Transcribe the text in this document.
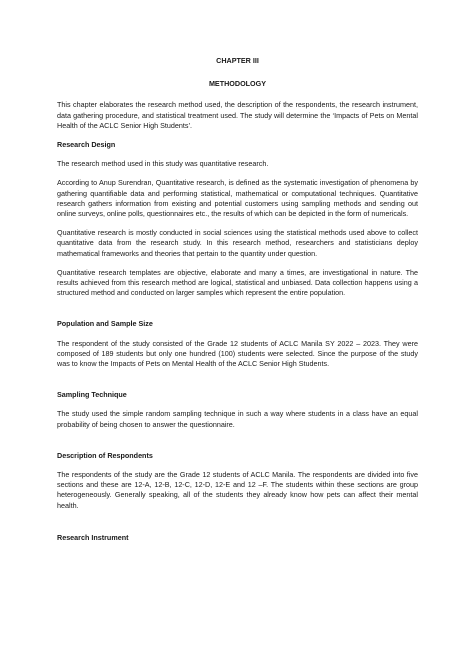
CHAPTER III
METHODOLOGY

This chapter elaborates the research method used, the description of the respondents, the research instrument, data gathering procedure, and statistical treatment used. The study will determine the ‘Impacts of Pets on Mental Health of the ACLC Senior High Students’.

Research Design

The research method used in this study was quantitative research.

According to Anup Surendran, Quantitative research, is defined as the systematic investigation of phenomena by gathering quantifiable data and performing statistical, mathematical or computational techniques. Quantitative research gathers information from existing and potential customers using sampling methods and sending out online surveys, online polls, questionnaires etc., the results of which can be depicted in the form of numericals.

Quantitative research is mostly conducted in social sciences using the statistical methods used above to collect quantitative data from the research study. In this research method, researchers and statisticians deploy mathematical frameworks and theories that pertain to the quantity under question.

Quantitative research templates are objective, elaborate and many a times, are investigational in nature. The results achieved from this research method are logical, statistical and unbiased. Data collection happens using a structured method and conducted on larger samples which represent the entire population.

Population and Sample Size

The respondent of the study consisted of the Grade 12 students of ACLC Manila SY 2022 – 2023. They were composed of 189 students but only one hundred (100) students were selected. Since the purpose of the study was to know the Impacts of Pets on Mental Health of the ACLC Senior High Students.

Sampling Technique

The study used the simple random sampling technique in such a way where students in a class have an equal probability of being chosen to answer the questionnaire.

Description of Respondents

The respondents of the study are the Grade 12 students of ACLC Manila. The respondents are divided into five sections and these are 12-A, 12-B, 12-C, 12-D, 12-E and 12 –F. The students within these sections are group heterogeneously. Generally speaking, all of the students they already know how pets can affect their mental health.

Research Instrument
